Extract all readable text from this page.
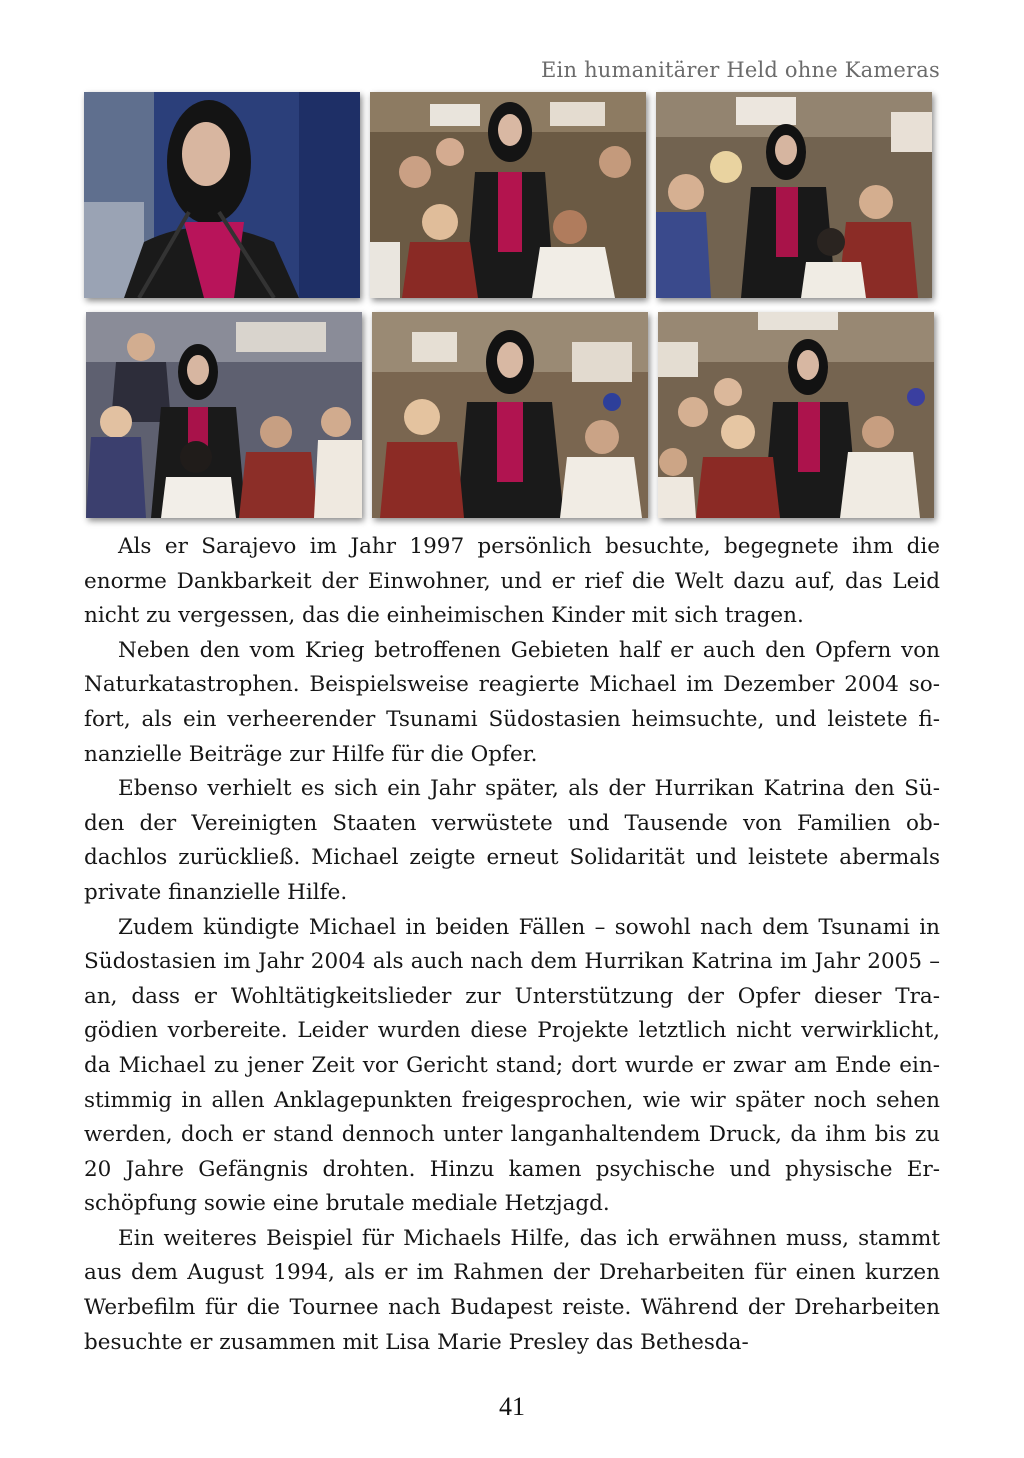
Ein humanitärer Held ohne Kameras

Als er Sarajevo im Jahr 1997 persönlich besuchte, begegnete ihm die enorme Dankbarkeit der Einwohner, und er rief die Welt dazu auf, das Leid nicht zu vergessen, das die einheimischen Kinder mit sich tragen.

Neben den vom Krieg betroffenen Gebieten half er auch den Opfern von Naturkatastrophen. Beispielsweise reagierte Michael im Dezember 2004 sofort, als ein verheerender Tsunami Südostasien heimsuchte, und leistete finanzielle Beiträge zur Hilfe für die Opfer.

Ebenso verhielt es sich ein Jahr später, als der Hurrikan Katrina den Süden der Vereinigten Staaten verwüstete und Tausende von Familien obdachlos zurückließ. Michael zeigte erneut Solidarität und leistete abermals private finanzielle Hilfe.

Zudem kündigte Michael in beiden Fällen – sowohl nach dem Tsunami in Südostasien im Jahr 2004 als auch nach dem Hurrikan Katrina im Jahr 2005 – an, dass er Wohltätigkeitslieder zur Unterstützung der Opfer dieser Tragödien vorbereite. Leider wurden diese Projekte letztlich nicht verwirklicht, da Michael zu jener Zeit vor Gericht stand; dort wurde er zwar am Ende einstimmig in allen Anklagepunkten freigesprochen, wie wir später noch sehen werden, doch er stand dennoch unter langanhaltendem Druck, da ihm bis zu 20 Jahre Gefängnis drohten. Hinzu kamen psychische und physische Erschöpfung sowie eine brutale mediale Hetzjagd.

Ein weiteres Beispiel für Michaels Hilfe, das ich erwähnen muss, stammt aus dem August 1994, als er im Rahmen der Dreharbeiten für einen kurzen Werbefilm für die Tournee nach Budapest reiste. Während der Dreharbeiten besuchte er zusammen mit Lisa Marie Presley das Bethesda-

41
